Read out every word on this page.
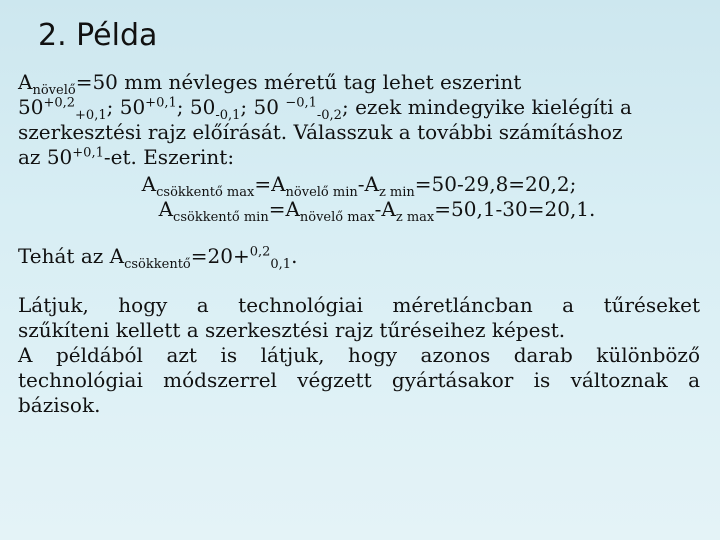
2. Példa
$A_{növelő}=50$ mm névleges méretű tag lehet eszerint
$50^{+0,2}_{+0,1}$; $50^{+0,1}$; $50_{-0,1}$; 50 $^{-0,1}_{-0,2}$; ezek mindegyike kielégíti a
szerkesztési rajz előírását. Válasszuk a további számításhoz
az $50^{+0,1}-et$. Eszerint:
$A_{csökkentő max}=A_{növelő min}-A_{z min}=50-29,8=20,2$;
$A_{csökkentő min}=A_{növelő max}-A_{z max}=50,1-30=20,1$.
Tehát az $A_{csökkentő}=20+^{0,2}_{0,1}$.
Látjuk, hogy a technológiai méretláncban a tűréseket
szűkíteni kellett a szerkesztési rajz tűréseihez képest.
A példából azt is látjuk, hogy azonos darab különböző
technológiai módszerrel végzett gyártásakor is változnak a
bázisok.
